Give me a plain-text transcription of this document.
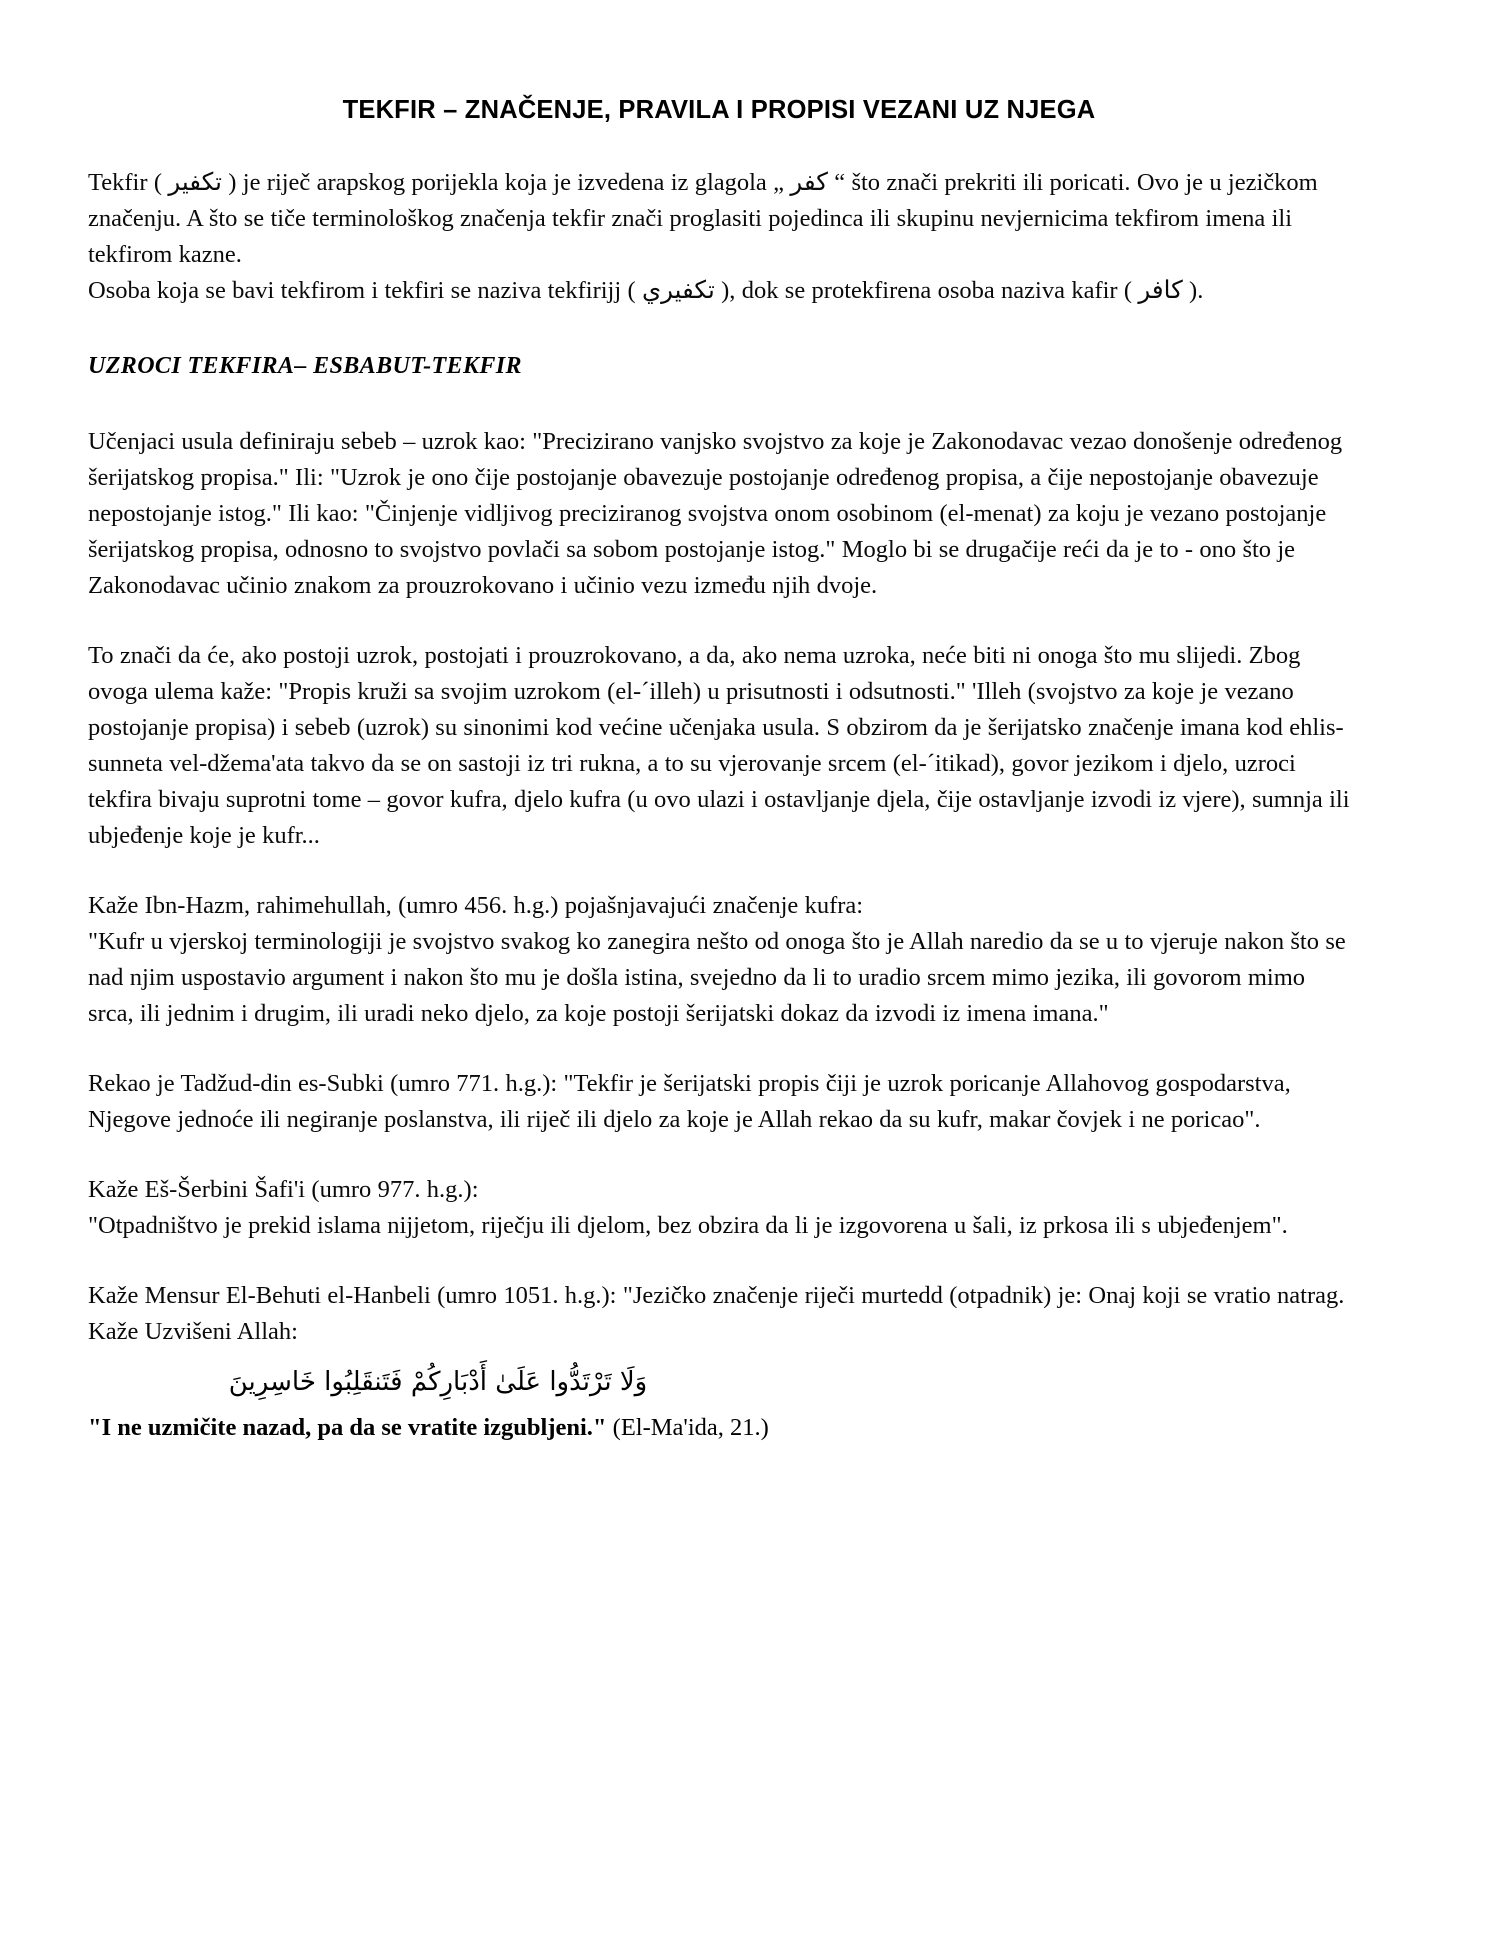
TEKFIR – ZNAČENJE, PRAVILA I PROPISI VEZANI UZ NJEGA

Tekfir ( تكفير ) je riječ arapskog porijekla koja je izvedena iz glagola „ كفر “ što znači prekriti ili poricati. Ovo je u jezičkom značenju. A što se tiče terminološkog značenja tekfir znači proglasiti pojedinca ili skupinu nevjernicima tekfirom imena ili tekfirom kazne.

Osoba koja se bavi tekfirom i tekfiri se naziva tekfirijj ( تكفيري ), dok se protekfirena osoba naziva kafir ( كافر ).

UZROCI TEKFIRA– ESBABUT-TEKFIR

Učenjaci usula definiraju sebeb – uzrok kao: "Precizirano vanjsko svojstvo za koje je Zakonodavac vezao donošenje određenog šerijatskog propisa." Ili: "Uzrok je ono čije postojanje obavezuje postojanje određenog propisa, a čije nepostojanje obavezuje nepostojanje istog." Ili kao: "Činjenje vidljivog preciziranog svojstva onom osobinom (el-menat) za koju je vezano postojanje šerijatskog propisa, odnosno to svojstvo povlači sa sobom postojanje istog." Moglo bi se drugačije reći da je to - ono što je Zakonodavac učinio znakom za prouzrokovano i učinio vezu između njih dvoje.

To znači da će, ako postoji uzrok, postojati i prouzrokovano, a da, ako nema uzroka, neće biti ni onoga što mu slijedi. Zbog ovoga ulema kaže: "Propis kruži sa svojim uzrokom (el-´illeh) u prisutnosti i odsutnosti." 'Illeh (svojstvo za koje je vezano postojanje propisa) i sebeb (uzrok) su sinonimi kod većine učenjaka usula. S obzirom da je šerijatsko značenje imana kod ehlis-sunneta vel-džema'ata takvo da se on sastoji iz tri rukna, a to su vjerovanje srcem (el-´itikad), govor jezikom i djelo, uzroci tekfira bivaju suprotni tome – govor kufra, djelo kufra (u ovo ulazi i ostavljanje djela, čije ostavljanje izvodi iz vjere), sumnja ili ubjeđenje koje je kufr...

Kaže Ibn-Hazm, rahimehullah, (umro 456. h.g.) pojašnjavajući značenje kufra:

"Kufr u vjerskoj terminologiji je svojstvo svakog ko zanegira nešto od onoga što je Allah naredio da se u to vjeruje nakon što se nad njim uspostavio argument i nakon što mu je došla istina, svejedno da li to uradio srcem mimo jezika, ili govorom mimo srca, ili jednim i drugim, ili uradi neko djelo, za koje postoji šerijatski dokaz da izvodi iz imena imana."

Rekao je Tadžud-din es-Subki (umro 771. h.g.): "Tekfir je šerijatski propis čiji je uzrok poricanje Allahovog gospodarstva, Njegove jednoće ili negiranje poslanstva, ili riječ ili djelo za koje je Allah rekao da su kufr, makar čovjek i ne poricao".

Kaže Eš-Šerbini Šafi'i (umro 977. h.g.):

"Otpadništvo je prekid islama nijjetom, riječju ili djelom, bez obzira da li je izgovorena u šali, iz prkosa ili s ubjeđenjem".

Kaže Mensur El-Behuti el-Hanbeli (umro 1051. h.g.): "Jezičko značenje riječi murtedd (otpadnik) je: Onaj koji se vratio natrag. Kaže Uzvišeni Allah:

وَلَا تَرْتَدُّوا عَلَىٰ أَدْبَارِكُمْ فَتَنقَلِبُوا خَاسِرِينَ

"I ne uzmičite nazad, pa da se vratite izgubljeni." (El-Ma'ida, 21.)
